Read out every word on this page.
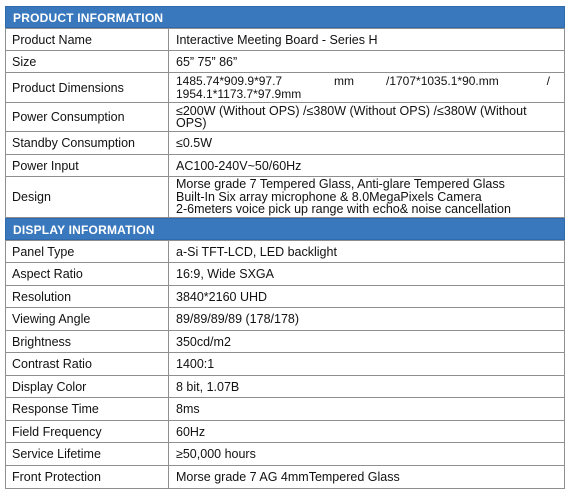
PRODUCT INFORMATION
Product Name	Interactive Meeting Board - Series H
Size	65” 75” 86”
Product Dimensions	1485.74*909.9*97.7 mm /1707*1035.1*90.mm /
1954.1*1173.7*97.9mm

Power Consumption	≤200W (Without OPS) /≤380W (Without OPS) /≤380W (Without
OPS)

Standby Consumption	≤0.5W
Power Input	AC100-240V~50/60Hz
Design	Morse grade 7 Tempered Glass, Anti-glare Tempered Glass
Built-In Six array microphone & 8.0MegaPixels Camera
2-6meters voice pick up range with echo& noise cancellation
DISPLAY INFORMATION
Panel Type	a-Si TFT-LCD, LED backlight
Aspect Ratio	16:9, Wide SXGA
Resolution	3840*2160 UHD
Viewing Angle	89/89/89/89 (178/178)
Brightness	350cd/m2
Contrast Ratio	1400:1
Display Color	8 bit, 1.07B
Response Time	8ms
Field Frequency	60Hz
Service Lifetime	≥50,000 hours
Front Protection	Morse grade 7 AG 4mmTempered Glass
